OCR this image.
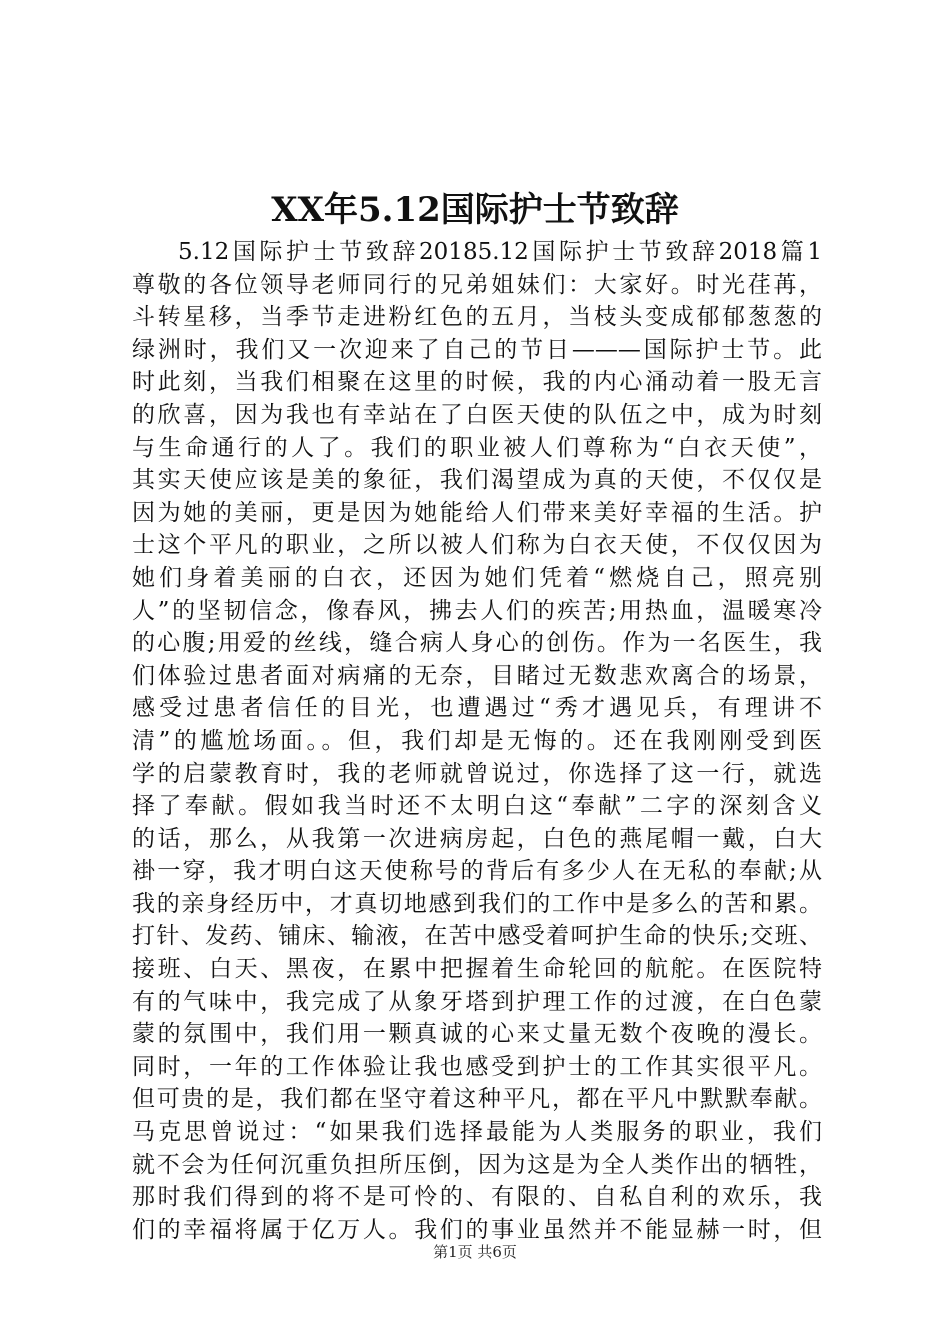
XX年5.12国际护士节致辞
5.12国际护士节致辞20185.12国际护士节致辞2018篇1
尊敬的各位领导老师同行的兄弟姐妹们：大家好。时光荏苒，
斗转星移，当季节走进粉红色的五月，当枝头变成郁郁葱葱的
绿洲时，我们又一次迎来了自己的节日———国际护士节。此
时此刻，当我们相聚在这里的时候，我的内心涌动着一股无言
的欣喜，因为我也有幸站在了白医天使的队伍之中，成为时刻
与生命通行的人了。我们的职业被人们尊称为“白衣天使”，
其实天使应该是美的象征，我们渴望成为真的天使，不仅仅是
因为她的美丽，更是因为她能给人们带来美好幸福的生活。护
士这个平凡的职业，之所以被人们称为白衣天使，不仅仅因为
她们身着美丽的白衣，还因为她们凭着“燃烧自己，照亮别
人”的坚韧信念，像春风，拂去人们的疾苦;用热血，温暖寒冷
的心腹;用爱的丝线，缝合病人身心的创伤。作为一名医生，我
们体验过患者面对病痛的无奈，目睹过无数悲欢离合的场景，
感受过患者信任的目光，也遭遇过“秀才遇见兵，有理讲不
清”的尴尬场面。。但，我们却是无悔的。还在我刚刚受到医
学的启蒙教育时，我的老师就曾说过，你选择了这一行，就选
择了奉献。假如我当时还不太明白这“奉献”二字的深刻含义
的话，那么，从我第一次进病房起，白色的燕尾帽一戴，白大
褂一穿，我才明白这天使称号的背后有多少人在无私的奉献;从
我的亲身经历中，才真切地感到我们的工作中是多么的苦和累。
打针、发药、铺床、输液，在苦中感受着呵护生命的快乐;交班、
接班、白天、黑夜，在累中把握着生命轮回的航舵。在医院特
有的气味中，我完成了从象牙塔到护理工作的过渡，在白色蒙
蒙的氛围中，我们用一颗真诚的心来丈量无数个夜晚的漫长。
同时，一年的工作体验让我也感受到护士的工作其实很平凡。
但可贵的是，我们都在坚守着这种平凡，都在平凡中默默奉献。
马克思曾说过：“如果我们选择最能为人类服务的职业，我们
就不会为任何沉重负担所压倒，因为这是为全人类作出的牺牲，
那时我们得到的将不是可怜的、有限的、自私自利的欢乐，我
们的幸福将属于亿万人。我们的事业虽然并不能显赫一时，但
第1页 共6页
